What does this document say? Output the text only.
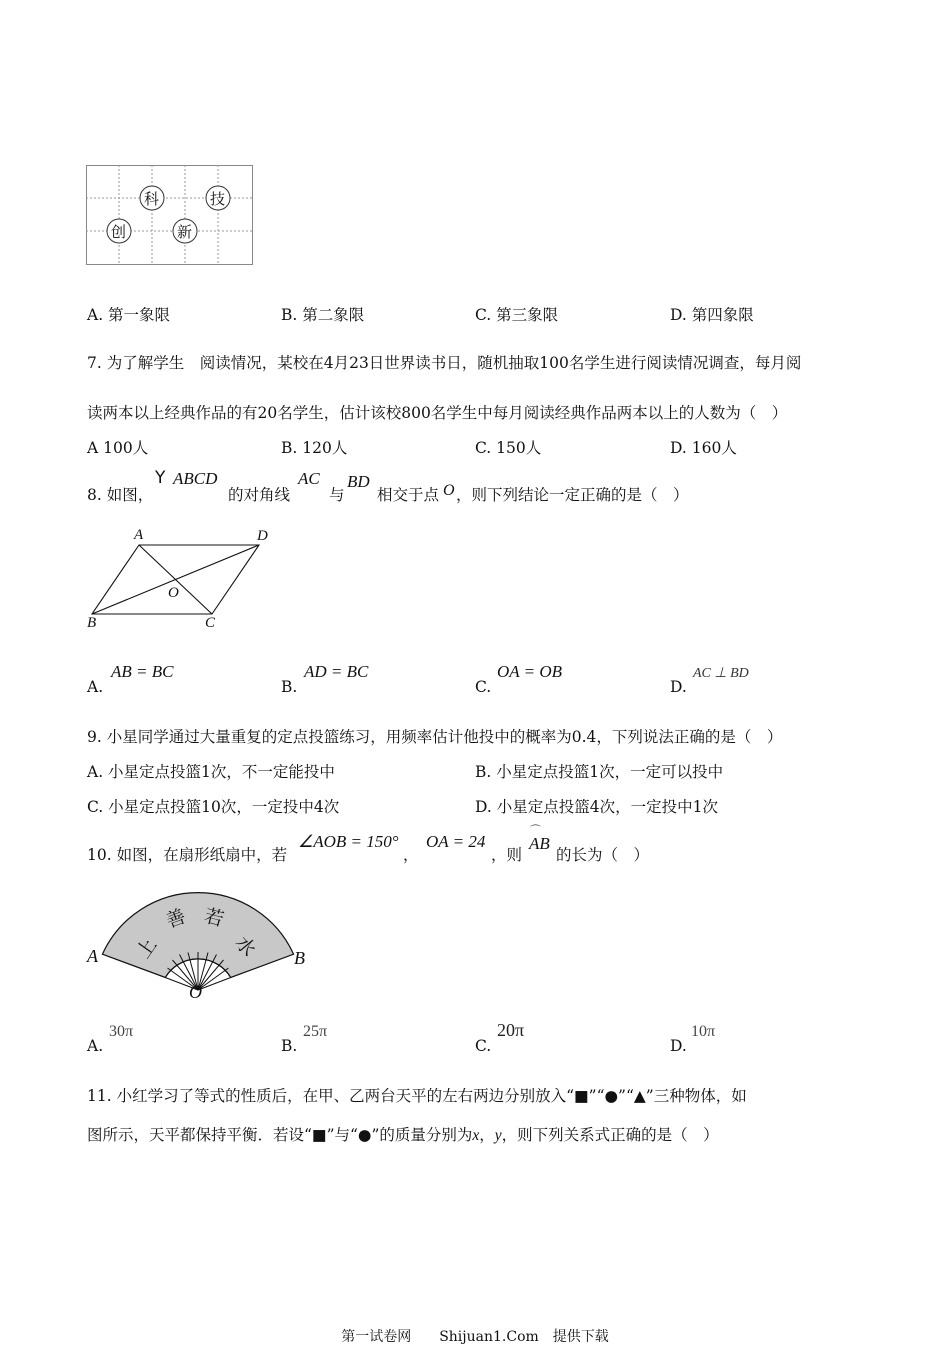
科	技
创	新
A. 第一象限	B. 第二象限	C. 第三象限	D. 第四象限
7. 为了解学生　阅读情况，某校在4月23日世界读书日，随机抽取100名学生进行阅读情况调查，每月阅
读两本以上经典作品的有20名学生，估计该校800名学生中每月阅读经典作品两本以上的人数为（　）
A 100人	B. 120人	C. 150人	D. 160人
8. 如图，
Y ABCD
的对角线
AC
与
BD
相交于点 O ，则下列结论一定正确的是（　）
A	D
O
B	C
A.
AB = BC
B.
AD = BC
C.
OA = OB
D.
AC ⊥ BD
9. 小星同学通过大量重复的定点投篮练习，用频率估计他投中的概率为0.4，下列说法正确的是（　）
A. 小星定点投篮1次，不一定能投中	B. 小星定点投篮1次，一定可以投中
C. 小星定点投篮10次，一定投中4次	D. 小星定点投篮4次，一定投中1次
10. 如图，在扇形纸扇中，若
∠AOB = 150°
，
OA = 24
，则
⌒
AB
的长为（　）
上
善 若
水
A	B
O
A.
30π
B.
25π
C.
20π
D.
10π
11. 小红学习了等式的性质后，在甲、乙两台天平的左右两边分别放入“■”“●”“▲”三种物体，如
图所示，天平都保持平衡．若设“■”与“●”的质量分别为x，y，则下列关系式正确的是（　）
第一试卷网　　Shijuan1.Com　提供下载
